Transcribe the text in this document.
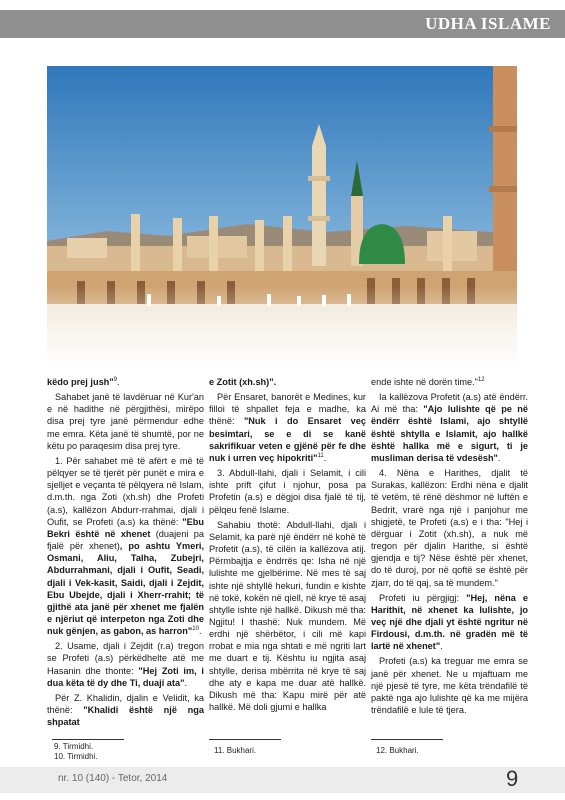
UDHA ISLAME

këdo prej jush"$^9$.

Sahabet janë të lavdëruar në Kur'an e në hadithe në përgjithësi, mirëpo disa prej tyre janë përmendur edhe me emra. Këta janë të shumtë, por ne këtu po paraqesim disa prej tyre.

1. Për sahabet më të afërt e më të pëlqyer se të tjerët për punët e mira e sjelljet e veçanta të pëlqyera në Islam, d.m.th. nga Zoti (xh.sh) dhe Profeti (a.s), kallëzon Abdurr-rrahmai, djali i Oufit, se Profeti (a.s) ka thënë: "Ebu Bekri është në xhenet (duajeni pa fjalë për xhenet), po ashtu Ymeri, Osmani, Aliu, Talha, Zubejri, Abdurrahmani, djali i Oufit, Seadi, djali i Vek-kasit, Saidi, djali i Zejdit, Ebu Ubejde, djali i Xherr-rrahit; të gjithë ata janë për xhenet me fjalën e njëriut që interpeton nga Zoti dhe nuk gënjen, as gabon, as harron"$^{10}$.

2. Usame, djali i Zejdit (r.a) tregon se Profeti (a.s) përkëdhelte atë me Hasanin dhe thonte: "Hej Zoti im, i dua këta të dy dhe Ti, duaji ata".

Për Z. Khalidin, djalin e Velidit, ka thënë: "Khalidi është një nga shpatat

e Zotit (xh.sh)".

Për Ensaret, banorët e Medines, kur filloi të shpallet feja e madhe, ka thënë: "Nuk i do Ensaret veç besimtari, se e di se kanë sakrifikuar veten e gjënë për fe dhe nuk i urren veç hipokriti"$^{11}$.

3. Abdull-llahi, djali i Selamit, i cili ishte prift çifut i njohur, posa pa Profetin (a.s) e dëgjoi disa fjalë të tij, pëlqeu fenë Islame.

Sahabiu thotë: Abdull-llahi, djali i Selamit, ka parë një ëndërr në kohë të Profetit (a.s), të cilën ia kallëzova atij. Përmbajtja e ëndrrës qe: Isha në një lulishte me gjelbërime. Në mes të saj ishte një shtyllë hekuri, fundin e kishte në tokë, kokën në qiell, në krye të asaj shtylle ishte një hallkë. Dikush më tha: Ngjitu! I thashë: Nuk mundem. Më erdhi një shërbëtor, i cili më kapi rrobat e mia nga shtati e më ngriti lart me duart e tij. Kështu iu ngjita asaj shtylle, derisa mbërrita në krye të saj dhe aty e kapa me duar atë hallkë. Dikush më tha: Kapu mirë për atë hallkë. Më doli gjumi e hallka

ende ishte në dorën time."$^{12}$

Ia kallëzova Profetit (a.s) atë ëndërr. Ai më tha: "Ajo lulishte që pe në ëndërr është Islami, ajo shtyllë është shtylla e Islamit, ajo hallkë është hallka më e sigurt, ti je musliman derisa të vdesësh".

4. Nëna e Harithes, djalit të Surakas, kallëzon: Erdhi nëna e djalit të vetëm, të rënë dëshmor në luftën e Bedrit, vrarë nga një i panjohur me shigjetë, te Profeti (a.s) e i tha: "Hej i dërguar i Zotit (xh.sh), a nuk më tregon për djalin Harithe, si është gjendja e tij? Nëse është për xhenet, do të duroj, por në qoftë se është për zjarr, do të qaj, sa të mundem."

Profeti iu përgjigj: "Hej, nëna e Harithit, në xhenet ka lulishte, jo veç një dhe djali yt është ngritur në Firdousi, d.m.th. në gradën më të lartë në xhenet".

Profeti (a.s) ka treguar me emra se janë për xhenet. Ne u mjaftuam me një pjesë të tyre, me këta trëndafilë të paktë nga ajo lulishte që ka me mijëra trëndafilë e lule të tjera.

9. Tirmidhi.
10. Tirmidhi.
11. Bukhari.	12. Bukhari.
nr. 10 (140) - Tetor, 2014	9
